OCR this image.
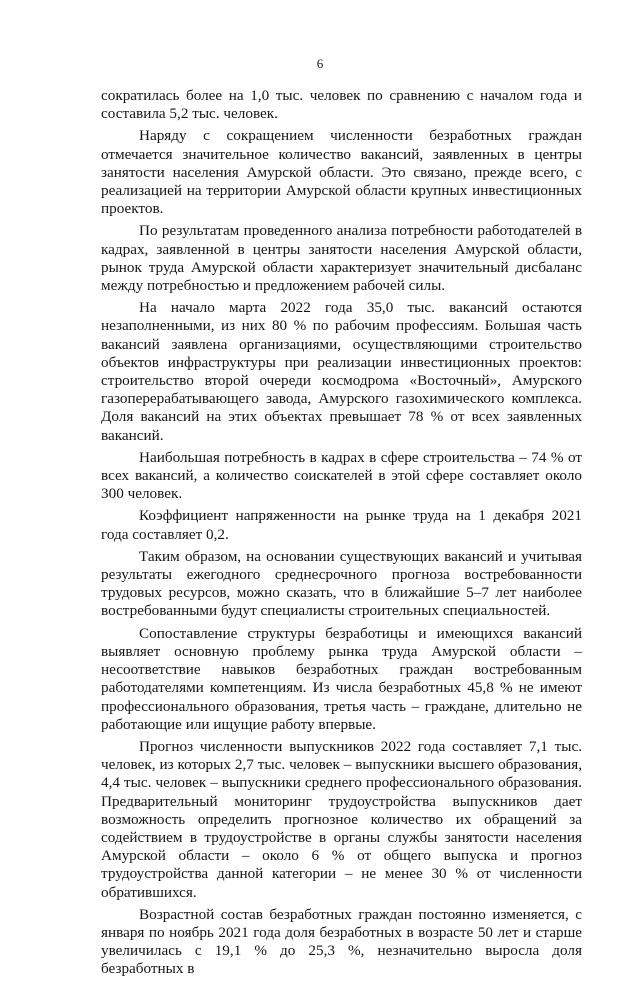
6

сократилась более на 1,0 тыс. человек по сравнению с началом года и составила 5,2 тыс. человек.

Наряду с сокращением численности безработных граждан отмечается значительное количество вакансий, заявленных в центры занятости населения Амурской области. Это связано, прежде всего, с реализацией на территории Амурской области крупных инвестиционных проектов.

По результатам проведенного анализа потребности работодателей в кадрах, заявленной в центры занятости населения Амурской области, рынок труда Амурской области характеризует значительный дисбаланс между потребностью и предложением рабочей силы.

На начало марта 2022 года 35,0 тыс. вакансий остаются незаполненными, из них 80 % по рабочим профессиям. Большая часть вакансий заявлена организациями, осуществляющими строительство объектов инфраструктуры при реализации инвестиционных проектов: строительство второй очереди космодрома «Восточный», Амурского газоперерабатывающего завода, Амурского газохимического комплекса. Доля вакансий на этих объектах превышает 78 % от всех заявленных вакансий.

Наибольшая потребность в кадрах в сфере строительства – 74 % от всех вакансий, а количество соискателей в этой сфере составляет около 300 человек.

Коэффициент напряженности на рынке труда на 1 декабря 2021 года составляет 0,2.

Таким образом, на основании существующих вакансий и учитывая результаты ежегодного среднесрочного прогноза востребованности трудовых ресурсов, можно сказать, что в ближайшие 5–7 лет наиболее востребованными будут специалисты строительных специальностей.

Сопоставление структуры безработицы и имеющихся вакансий выявляет основную проблему рынка труда Амурской области – несоответствие навыков безработных граждан востребованным работодателями компетенциям. Из числа безработных 45,8 % не имеют профессионального образования, третья часть – граждане, длительно не работающие или ищущие работу впервые.

Прогноз численности выпускников 2022 года составляет 7,1 тыс. человек, из которых 2,7 тыс. человек – выпускники высшего образования, 4,4 тыс. человек – выпускники среднего профессионального образования. Предварительный мониторинг трудоустройства выпускников дает возможность определить прогнозное количество их обращений за содействием в трудоустройстве в органы службы занятости населения Амурской области – около 6 % от общего выпуска и прогноз трудоустройства данной категории – не менее 30 % от численности обратившихся.

Возрастной состав безработных граждан постоянно изменяется, с января по ноябрь 2021 года доля безработных в возрасте 50 лет и старше увеличилась с 19,1 % до 25,3 %, незначительно выросла доля безработных в
